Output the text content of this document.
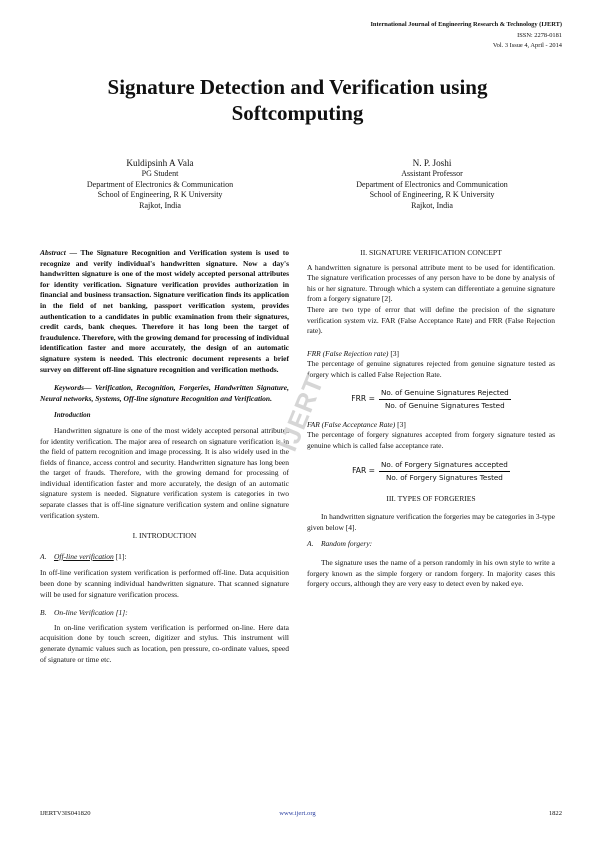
International Journal of Engineering Research & Technology (IJERT)
ISSN: 2278-0181
Vol. 3 Issue 4, April - 2014
Signature Detection and Verification using
Softcomputing
Kuldipsinh A Vala
PG Student
Department of Electronics & Communication
School of Engineering, R K University
Rajkot, India
N. P. Joshi
Assistant Professor
Department of Electronics and Communication
School of Engineering, R K University
Rajkot, India

Abstract — The Signature Recognition and Verification system is used to recognize and verify individual's handwritten signature. Now a day's handwritten signature is one of the most widely accepted personal attributes for identity verification. Signature verification provides authorization in financial and business transaction. Signature verification finds its application in the field of net banking, passport verification system, provides authentication to a candidates in public examination from their signatures, credit cards, bank cheques. Therefore it has long been the target of fraudulence. Therefore, with the growing demand for processing of individual identification faster and more accurately, the design of an automatic signature system is needed. This electronic document represents a brief survey on different off-line signature recognition and verification methods.

Keywords— Verification, Recognition, Forgeries, Handwritten Signature, Neural networks, Systems, Off-line signature Recognition and Verification.

Introduction

Handwritten signature is one of the most widely accepted personal attributes for identity verification. The major area of research on signature verification is in the field of pattern recognition and image processing. It is also widely used in the fields of finance, access control and security. Handwritten signature has long been the target of frauds. Therefore, with the growing demand for processing of individual identification faster and more accurately, the design of an automatic signature system is needed. Signature verification system is categories in two separate classes that is off-line signature verification system and online signature verification system.

I. INTRODUCTION

A. Off-line verification [1]:

In off-line verification system verification is performed off-line. Data acquisition been done by scanning individual handwritten signature. That scanned signature will be used for signature verification process.

B. On-line Verification [1]:

In on-line verification system verification is performed on-line. Here data acquisition done by touch screen, digitizer and stylus. This instrument will generate dynamic values such as location, pen pressure, co-ordinate values, speed of signature or time etc.

II. SIGNATURE VERIFICATION CONCEPT

A handwritten signature is personal attribute ment to be used for identification. The signature verification processes of any person have to be done by analysis of his or her signature. Through which a system can differentiate a genuine signature from a forgery signature [2].

There are two type of error that will define the precision of the signature verification system viz. FAR (False Acceptance Rate) and FRR (False Rejection rate).

FRR (False Rejection rate) [3]

The percentage of genuine signatures rejected from genuine signature tested as forgery which is called False Rejection Rate.

FRR = $\frac{\text{No. of Genuine Signatures Rejected}}{\text{No. of Genuine Signatures Tested}}$

FAR (False Acceptance Rate) [3]

The percentage of forgery signatures accepted from forgery signature tested as genuine which is called false acceptance rate.

FAR = $\frac{\text{No. of Forgery Signatures accepted}}{\text{No. of Forgery Signatures Tested}}$

III. TYPES OF FORGERIES

In handwritten signature verification the forgeries may be categories in 3-type given below [4].

A. Random forgery:

The signature uses the name of a person randomly in his own style to write a forgery known as the simple forgery or random forgery. In majority cases this forgery occurs, although they are very easy to detect even by naked eye.

IJERT
IJERTV3IS041820	www.ijert.org	1822
